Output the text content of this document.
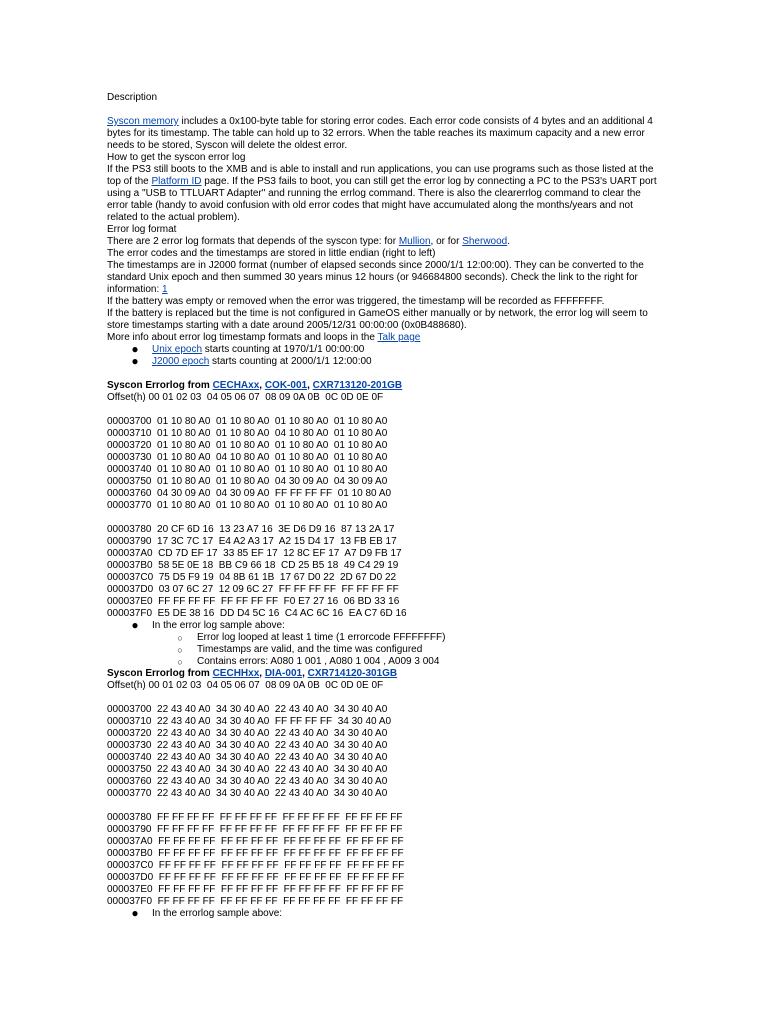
Description
Syscon memory includes a 0x100-byte table for storing error codes. Each error code consists of 4 bytes and an additional 4 bytes for its timestamp. The table can hold up to 32 errors. When the table reaches its maximum capacity and a new error needs to be stored, Syscon will delete the oldest error.
How to get the syscon error log
If the PS3 still boots to the XMB and is able to install and run applications, you can use programs such as those listed at the
top of the Platform ID page. If the PS3 fails to boot, you can still get the error log by connecting a PC to the PS3's UART port
using a "USB to TTLUART Adapter" and running the errlog command. There is also the clearerrlog command to clear the
error table (handy to avoid confusion with old error codes that might have accumulated along the months/years and not
related to the actual problem).
Error log format
There are 2 error log formats that depends of the syscon type: for Mullion, or for Sherwood.
The error codes and the timestamps are stored in little endian (right to left)
The timestamps are in J2000 format (number of elapsed seconds since 2000/1/1 12:00:00). They can be converted to the
standard Unix epoch and then summed 30 years minus 12 hours (or 946684800 seconds). Check the link to the right for
information: 1
If the battery was empty or removed when the error was triggered, the timestamp will be recorded as FFFFFFFF.
If the battery is replaced but the time is not configured in GameOS either manually or by network, the error log will seem to
store timestamps starting with a date around 2005/12/31 00:00:00 (0x0B488680).
More info about error log timestamp formats and loops in the Talk page
● Unix epoch starts counting at 1970/1/1 00:00:00
● J2000 epoch starts counting at 2000/1/1 12:00:00
Syscon Errorlog from CECHAxx, COK-001, CXR713120-201GB
Offset(h) 00 01 02 03  04 05 06 07  08 09 0A 0B  0C 0D 0E 0F
00003700  01 10 80 A0  01 10 80 A0  01 10 80 A0  01 10 80 A0
00003710  01 10 80 A0  01 10 80 A0  04 10 80 A0  01 10 80 A0
00003720  01 10 80 A0  01 10 80 A0  01 10 80 A0  01 10 80 A0
00003730  01 10 80 A0  04 10 80 A0  01 10 80 A0  01 10 80 A0
00003740  01 10 80 A0  01 10 80 A0  01 10 80 A0  01 10 80 A0
00003750  01 10 80 A0  01 10 80 A0  04 30 09 A0  04 30 09 A0
00003760  04 30 09 A0  04 30 09 A0  FF FF FF FF  01 10 80 A0
00003770  01 10 80 A0  01 10 80 A0  01 10 80 A0  01 10 80 A0
00003780  20 CF 6D 16  13 23 A7 16  3E D6 D9 16  87 13 2A 17
00003790  17 3C 7C 17  E4 A2 A3 17  A2 15 D4 17  13 FB EB 17
000037A0  CD 7D EF 17  33 85 EF 17  12 8C EF 17  A7 D9 FB 17
000037B0  58 5E 0E 18  BB C9 66 18  CD 25 B5 18  49 C4 29 19
000037C0  75 D5 F9 19  04 8B 61 1B  17 67 D0 22  2D 67 D0 22
000037D0  03 07 6C 27  12 09 6C 27  FF FF FF FF  FF FF FF FF
000037E0  FF FF FF FF  FF FF FF FF  F0 E7 27 16  06 BD 33 16
000037F0  E5 DE 38 16  DD D4 5C 16  C4 AC 6C 16  EA C7 6D 16
● In the error log sample above:
○ Error log looped at least 1 time (1 errorcode FFFFFFFF)
○ Timestamps are valid, and the time was configured
○ Contains errors: A080 1 001 , A080 1 004 , A009 3 004
Syscon Errorlog from CECHHxx, DIA-001, CXR714120-301GB
Offset(h) 00 01 02 03  04 05 06 07  08 09 0A 0B  0C 0D 0E 0F
00003700  22 43 40 A0  34 30 40 A0  22 43 40 A0  34 30 40 A0
00003710  22 43 40 A0  34 30 40 A0  FF FF FF FF  34 30 40 A0
00003720  22 43 40 A0  34 30 40 A0  22 43 40 A0  34 30 40 A0
00003730  22 43 40 A0  34 30 40 A0  22 43 40 A0  34 30 40 A0
00003740  22 43 40 A0  34 30 40 A0  22 43 40 A0  34 30 40 A0
00003750  22 43 40 A0  34 30 40 A0  22 43 40 A0  34 30 40 A0
00003760  22 43 40 A0  34 30 40 A0  22 43 40 A0  34 30 40 A0
00003770  22 43 40 A0  34 30 40 A0  22 43 40 A0  34 30 40 A0
00003780  FF FF FF FF  FF FF FF FF  FF FF FF FF  FF FF FF FF
00003790  FF FF FF FF  FF FF FF FF  FF FF FF FF  FF FF FF FF
000037A0  FF FF FF FF  FF FF FF FF  FF FF FF FF  FF FF FF FF
000037B0  FF FF FF FF  FF FF FF FF  FF FF FF FF  FF FF FF FF
000037C0  FF FF FF FF  FF FF FF FF  FF FF FF FF  FF FF FF FF
000037D0  FF FF FF FF  FF FF FF FF  FF FF FF FF  FF FF FF FF
000037E0  FF FF FF FF  FF FF FF FF  FF FF FF FF  FF FF FF FF
000037F0  FF FF FF FF  FF FF FF FF  FF FF FF FF  FF FF FF FF
● In the errorlog sample above:
